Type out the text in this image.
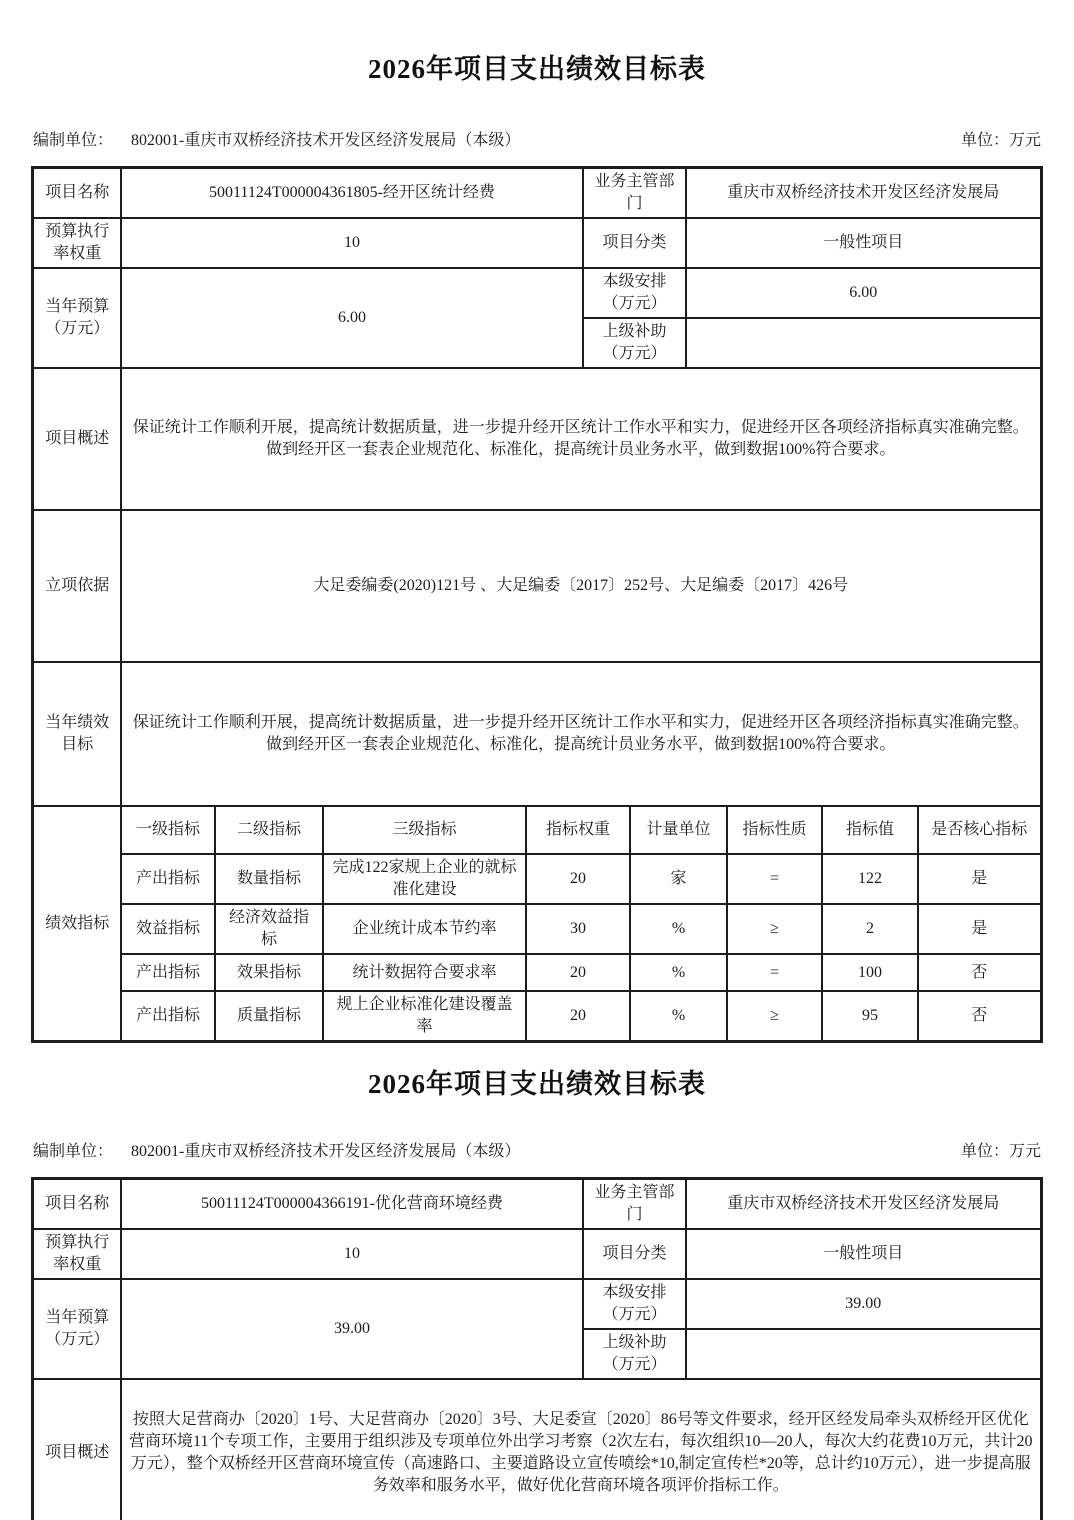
2026年项目支出绩效目标表
编制单位： 802001-重庆市双桥经济技术开发区经济发展局（本级）	单位：万元
项目名称	50011124T000004361805-经开区统计经费				业务主管部门		重庆市双桥经济技术开发区经济发展局			
预算执行率权重	10				项目分类		一般性项目			
当年预算（万元）	6.00				本级安排（万元）		6.00			
					上级补助（万元）					
项目概述	保证统计工作顺利开展，提高统计数据质量，进一步提升经开区统计工作水平和实力，促进经开区各项经济指标真实准确完整。做到经开区一套表企业规范化、标准化，提高统计员业务水平，做到数据100%符合要求。									
立项依据	大足委编委(2020)121号 、大足编委〔2017〕252号、大足编委〔2017〕426号									
当年绩效目标	保证统计工作顺利开展，提高统计数据质量，进一步提升经开区统计工作水平和实力，促进经开区各项经济指标真实准确完整。做到经开区一套表企业规范化、标准化，提高统计员业务水平，做到数据100%符合要求。									
绩效指标	一级指标	二级指标	三级指标	指标权重		计量单位		指标性质	指标值	是否核心指标
	产出指标	数量指标	完成122家规上企业的就标准化建设	20		家		=	122	是
	效益指标	经济效益指标	企业统计成本节约率	30		%		≥	2	是
	产出指标	效果指标	统计数据符合要求率	20		%		=	100	否
	产出指标	质量指标	规上企业标准化建设覆盖率	20		%		≥	95	否
2026年项目支出绩效目标表
编制单位： 802001-重庆市双桥经济技术开发区经济发展局（本级）	单位：万元
项目名称	50011124T000004366191-优化营商环境经费	业务主管部门	重庆市双桥经济技术开发区经济发展局
预算执行率权重	10	项目分类	一般性项目
当年预算（万元）	39.00	本级安排（万元）	39.00
		上级补助（万元）	
项目概述	按照大足营商办〔2020〕1号、大足营商办〔2020〕3号、大足委宣〔2020〕86号等文件要求，经开区经发局牵头双桥经开区优化营商环境11个专项工作，主要用于组织涉及专项单位外出学习考察（2次左右，每次组织10—20人，每次大约花费10万元，共计20万元），整个双桥经开区营商环境宣传（高速路口、主要道路设立宣传喷绘*10,制定宣传栏*20等，总计约10万元），进一步提高服务效率和服务水平，做好优化营商环境各项评价指标工作。		
